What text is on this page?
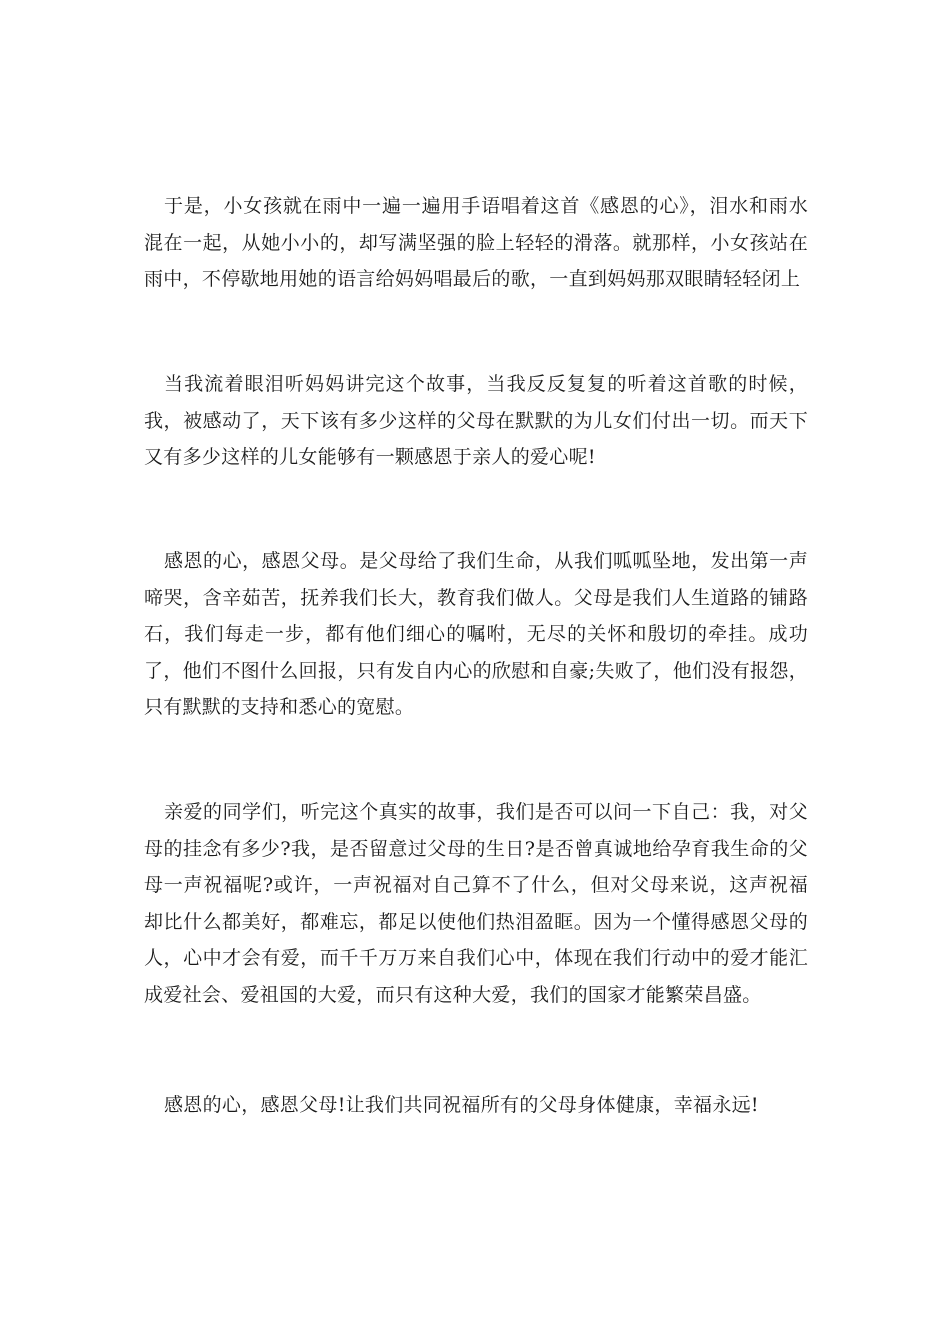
于是，小女孩就在雨中一遍一遍用手语唱着这首《感恩的心》，泪水和雨水混在一起，从她小小的，却写满坚强的脸上轻轻的滑落。就那样，小女孩站在雨中，不停歇地用她的语言给妈妈唱最后的歌，一直到妈妈那双眼睛轻轻闭上

当我流着眼泪听妈妈讲完这个故事，当我反反复复的听着这首歌的时候，我，被感动了，天下该有多少这样的父母在默默的为儿女们付出一切。而天下又有多少这样的儿女能够有一颗感恩于亲人的爱心呢!

感恩的心，感恩父母。是父母给了我们生命，从我们呱呱坠地，发出第一声啼哭，含辛茹苦，抚养我们长大，教育我们做人。父母是我们人生道路的铺路石，我们每走一步，都有他们细心的嘱咐，无尽的关怀和殷切的牵挂。成功了，他们不图什么回报，只有发自内心的欣慰和自豪;失败了，他们没有报怨，只有默默的支持和悉心的宽慰。

亲爱的同学们，听完这个真实的故事，我们是否可以问一下自己：我，对父母的挂念有多少?我，是否留意过父母的生日?是否曾真诚地给孕育我生命的父母一声祝福呢?或许，一声祝福对自己算不了什么，但对父母来说，这声祝福却比什么都美好，都难忘，都足以使他们热泪盈眶。因为一个懂得感恩父母的人，心中才会有爱，而千千万万来自我们心中，体现在我们行动中的爱才能汇成爱社会、爱祖国的大爱，而只有这种大爱，我们的国家才能繁荣昌盛。

感恩的心，感恩父母!让我们共同祝福所有的父母身体健康，幸福永远!
